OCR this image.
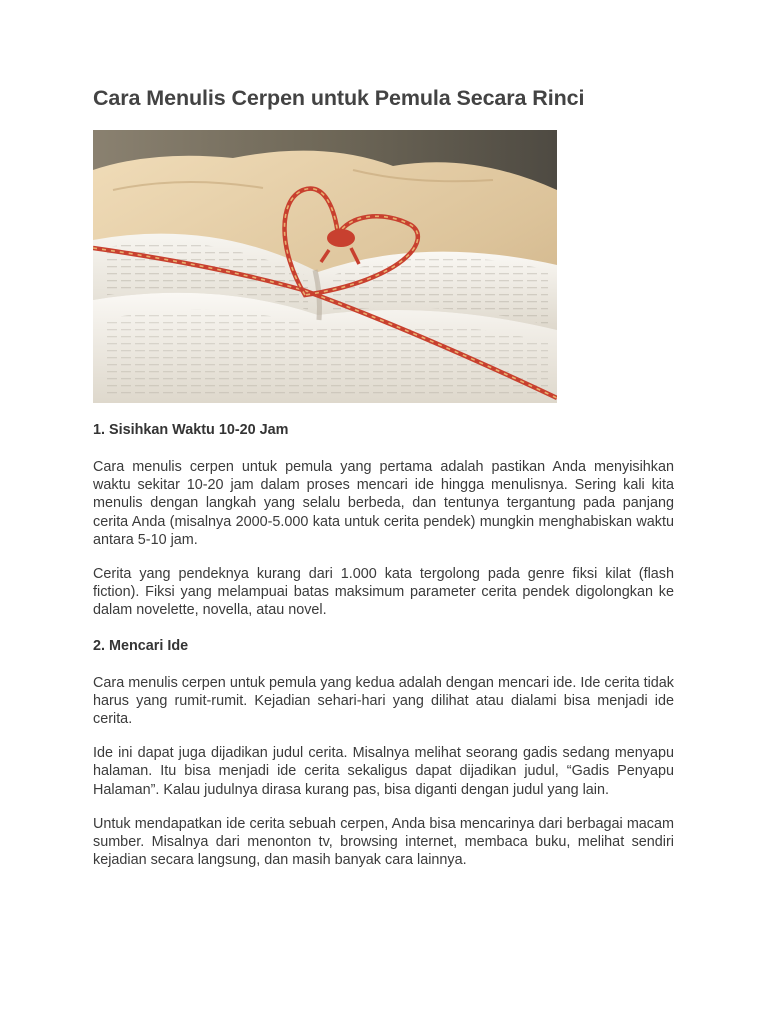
Cara Menulis Cerpen untuk Pemula Secara Rinci
1. Sisihkan Waktu 10-20 Jam

Cara menulis cerpen untuk pemula yang pertama adalah pastikan Anda menyisihkan waktu sekitar 10-20 jam dalam proses mencari ide hingga menulisnya. Sering kali kita menulis dengan langkah yang selalu berbeda, dan tentunya tergantung pada panjang cerita Anda (misalnya 2000-5.000 kata untuk cerita pendek) mungkin menghabiskan waktu antara 5-10 jam.

Cerita yang pendeknya kurang dari 1.000 kata tergolong pada genre fiksi kilat (flash fiction). Fiksi yang melampuai batas maksimum parameter cerita pendek digolongkan ke dalam novelette, novella, atau novel.

2. Mencari Ide

Cara menulis cerpen untuk pemula yang kedua adalah dengan mencari ide. Ide cerita tidak harus yang rumit-rumit. Kejadian sehari-hari yang dilihat atau dialami bisa menjadi ide cerita.

Ide ini dapat juga dijadikan judul cerita. Misalnya melihat seorang gadis sedang menyapu halaman. Itu bisa menjadi ide cerita sekaligus dapat dijadikan judul, “Gadis Penyapu Halaman”. Kalau judulnya dirasa kurang pas, bisa diganti dengan judul yang lain.

Untuk mendapatkan ide cerita sebuah cerpen, Anda bisa mencarinya dari berbagai macam sumber. Misalnya dari menonton tv, browsing internet, membaca buku, melihat sendiri kejadian secara langsung, dan masih banyak cara lainnya.
